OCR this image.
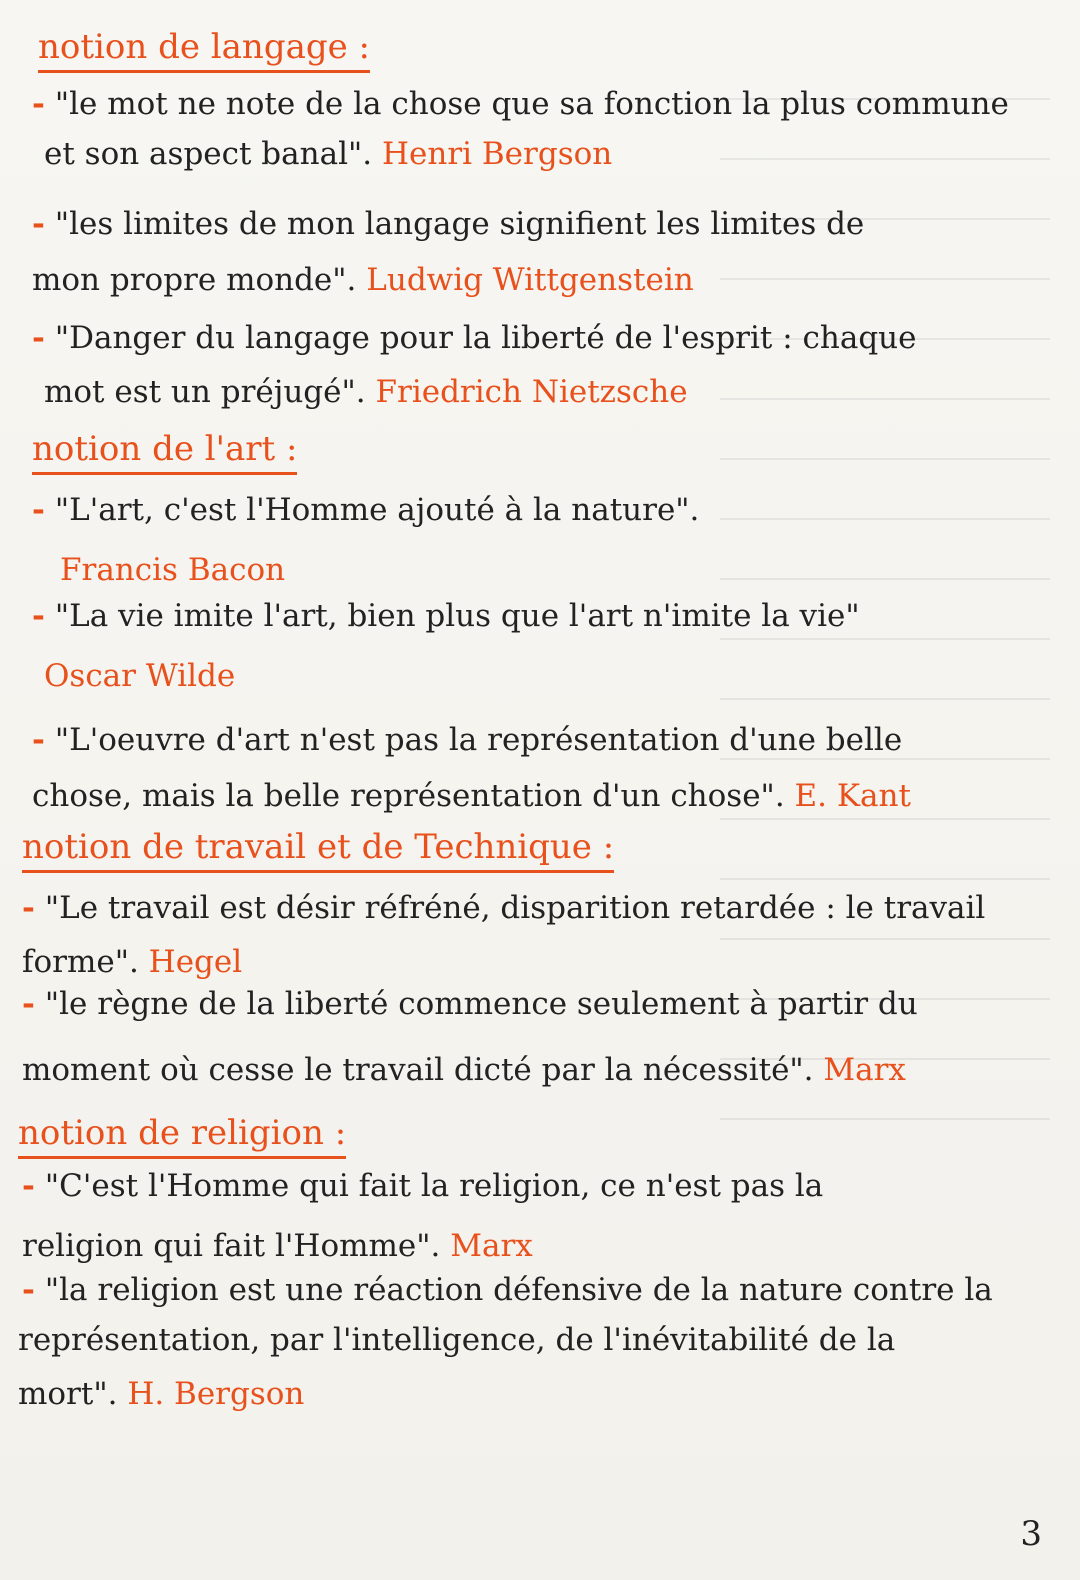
notion de langage :
- "le mot ne note de la chose que sa fonction la plus commune
et son aspect banal". Henri Bergson
- "les limites de mon langage signifient les limites de
mon propre monde". Ludwig Wittgenstein
- "Danger du langage pour la liberté de l'esprit : chaque
mot est un préjugé". Friedrich Nietzsche
notion de l'art :
- "L'art, c'est l'Homme ajouté à la nature".
Francis Bacon
- "La vie imite l'art, bien plus que l'art n'imite la vie"
Oscar Wilde
- "L'oeuvre d'art n'est pas la représentation d'une belle
chose, mais la belle représentation d'un chose". E. Kant
notion de travail et de Technique :
- "Le travail est désir réfréné, disparition retardée : le travail
forme". Hegel
- "le règne de la liberté commence seulement à partir du
moment où cesse le travail dicté par la nécessité". Marx
notion de religion :
- "C'est l'Homme qui fait la religion, ce n'est pas la
religion qui fait l'Homme". Marx
- "la religion est une réaction défensive de la nature contre la
représentation, par l'intelligence, de l'inévitabilité de la
mort". H. Bergson
3
